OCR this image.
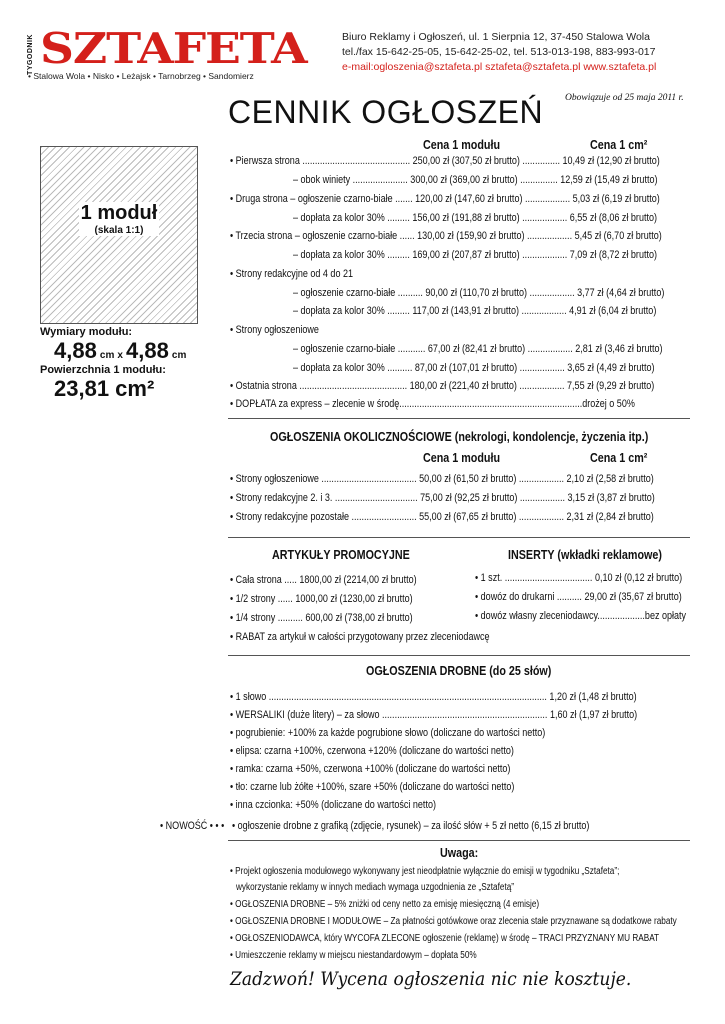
TYGODNIK SZTAFETA
• Stalowa Wola • Nisko • Leżajsk • Tarnobrzeg • Sandomierz
Biuro Reklamy i Ogłoszeń, ul. 1 Sierpnia 12, 37-450 Stalowa Wola
tel./fax 15-642-25-05, 15-642-25-02, tel. 513-013-198, 883-993-017
e-mail:ogloszenia@sztafeta.pl sztafeta@sztafeta.pl www.sztafeta.pl
Obowiązuje od 25 maja 2011 r.
CENNIK OGŁOSZEŃ
1 moduł
(skala 1:1)
Wymiary modułu:
4,88 cm x 4,88 cm
Powierzchnia 1 modułu:
23,81 cm²
Cena 1 modułu	Cena 1 cm²
• Pierwsza strona ........................................... 250,00 zł (307,50 zł brutto) ............... 10,49 zł (12,90 zł brutto)
– obok winiety ...................... 300,00 zł (369,00 zł brutto) ............... 12,59 zł (15,49 zł brutto)
• Druga strona – ogłoszenie czarno-białe ....... 120,00 zł (147,60 zł brutto) .................. 5,03 zł (6,19 zł brutto)
– dopłata za kolor 30% ......... 156,00 zł (191,88 zł brutto) .................. 6,55 zł (8,06 zł brutto)
• Trzecia strona – ogłoszenie czarno-białe ...... 130,00 zł (159,90 zł brutto) .................. 5,45 zł (6,70 zł brutto)
– dopłata za kolor 30% ......... 169,00 zł (207,87 zł brutto) .................. 7,09 zł (8,72 zł brutto)
• Strony redakcyjne od 4 do 21
– ogłoszenie czarno-białe .......... 90,00 zł (110,70 zł brutto) .................. 3,77 zł (4,64 zł brutto)
– dopłata za kolor 30% ......... 117,00 zł (143,91 zł brutto) .................. 4,91 zł (6,04 zł brutto)
• Strony ogłoszeniowe
– ogłoszenie czarno-białe ........... 67,00 zł (82,41 zł brutto) .................. 2,81 zł (3,46 zł brutto)
– dopłata za kolor 30% .......... 87,00 zł (107,01 zł brutto) .................. 3,65 zł (4,49 zł brutto)
• Ostatnia strona ........................................... 180,00 zł (221,40 zł brutto) .................. 7,55 zł (9,29 zł brutto)
• DOPŁATA za express – zlecenie w środę.........................................................................drożej o 50%
OGŁOSZENIA OKOLICZNOŚCIOWE (nekrologi, kondolencje, życzenia itp.)
Cena 1 modułu	Cena 1 cm²
• Strony ogłoszeniowe ...................................... 50,00 zł (61,50 zł brutto) .................. 2,10 zł (2,58 zł brutto)
• Strony redakcyjne 2. i 3. ................................. 75,00 zł (92,25 zł brutto) .................. 3,15 zł (3,87 zł brutto)
• Strony redakcyjne pozostałe .......................... 55,00 zł (67,65 zł brutto) .................. 2,31 zł (2,84 zł brutto)
ARTYKUŁY PROMOCYJNE	INSERTY (wkładki reklamowe)
• Cała strona ..... 1800,00 zł (2214,00 zł brutto)
• 1/2 strony ...... 1000,00 zł (1230,00 zł brutto)
• 1/4 strony .......... 600,00 zł (738,00 zł brutto)
• 1 szt. ................................... 0,10 zł (0,12 zł brutto)
• dowóz do drukarni .......... 29,00 zł (35,67 zł brutto)
• dowóz własny zleceniodawcy...................bez opłaty
• RABAT za artykuł w całości przygotowany przez zleceniodawcę
OGŁOSZENIA DROBNE (do 25 słów)
• 1 słowo ............................................................................................................... 1,20 zł (1,48 zł brutto)
• WERSALIKI (duże litery) – za słowo .................................................................. 1,60 zł (1,97 zł brutto)
• pogrubienie: +100% za każde pogrubione słowo (doliczane do wartości netto)
• elipsa: czarna +100%, czerwona +120% (doliczane do wartości netto)
• ramka: czarna +50%, czerwona +100% (doliczane do wartości netto)
• tło: czarne lub żółte +100%, szare +50% (doliczane do wartości netto)
• inna czcionka: +50% (doliczane do wartości netto)
• NOWOŚĆ • • • • ogłoszenie drobne z grafiką (zdjęcie, rysunek) – za ilość słów + 5 zł netto (6,15 zł brutto)
Uwaga:
• Projekt ogłoszenia modułowego wykonywany jest nieodpłatnie wyłącznie do emisji w tygodniku „Sztafeta”;
wykorzystanie reklamy w innych mediach wymaga uzgodnienia ze „Sztafetą”
• OGŁOSZENIA DROBNE – 5% zniżki od ceny netto za emisję miesięczną (4 emisje)
• OGŁOSZENIA DROBNE I MODUŁOWE – Za płatności gotówkowe oraz zlecenia stałe przyznawane są dodatkowe rabaty
• OGŁOSZENIODAWCA, który WYCOFA ZLECONE ogłoszenie (reklamę) w środę – TRACI PRZYZNANY MU RABAT
• Umieszczenie reklamy w miejscu niestandardowym – dopłata 50%
Zadzwoń! Wycena ogłoszenia nic nie kosztuje.
